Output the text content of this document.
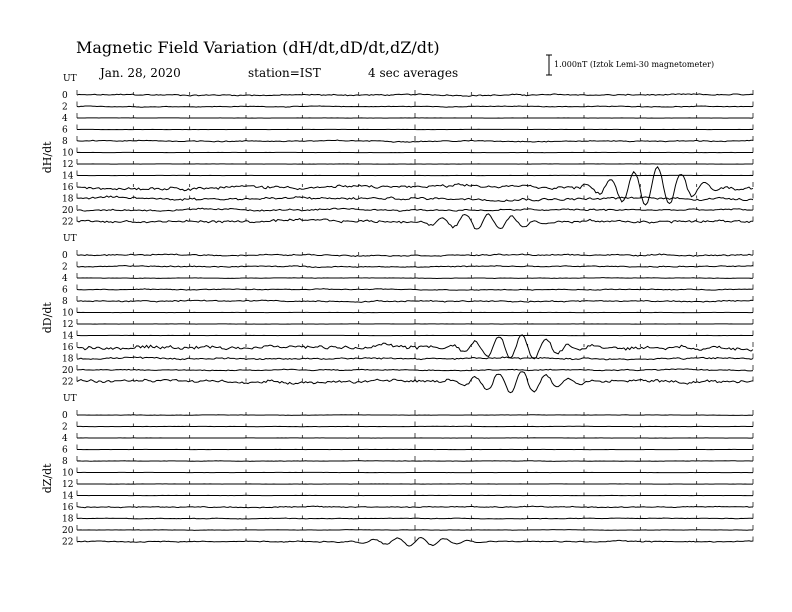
Magnetic Field Variation (dH/dt,dD/dt,dZ/dt)
Jan. 28, 2020	station=IST	4 sec averages
1.000nT (Iztok Lemi-30 magnetometer)
UT
dH/dt
0
2
4
6
8
10
12
14
16
18
20
22
UT
dD/dt
0
2
4
6
8
10
12
14
16
18
20
22
UT
dZ/dt
0
2
4
6
8
10
12
14
16
18
20
22
